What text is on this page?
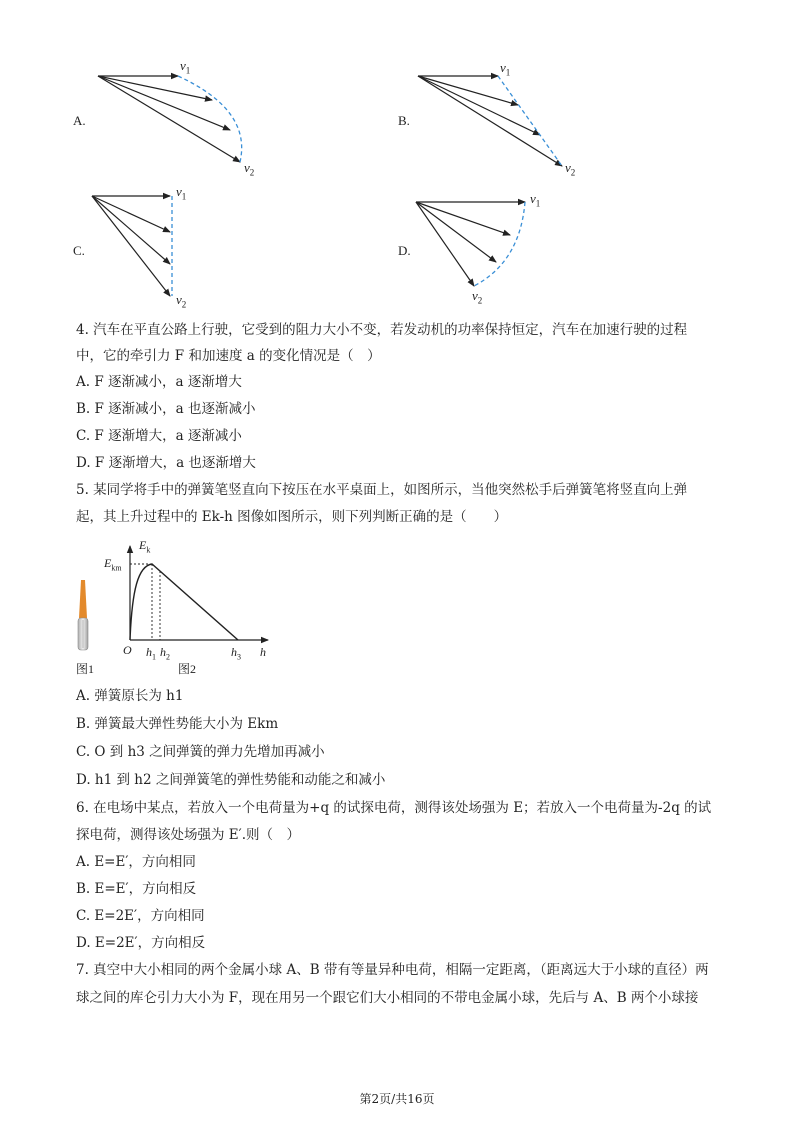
A.	B.
C.	D.
$v_1$
$v_2$
$v_1$
$v_2$
$v_1$
$v_2$
$v_1$
$v_2$
4. 汽车在平直公路上行驶，它受到的阻力大小不变，若发动机的功率保持恒定，汽车在加速行驶的过程
中，它的牵引力 F 和加速度 a 的变化情况是（　）
A. F 逐渐减小，a 逐渐增大
B. F 逐渐减小，a 也逐渐减小
C. F 逐渐增大，a 逐渐减小
D. F 逐渐增大，a 也逐渐增大
5. 某同学将手中的弹簧笔竖直向下按压在水平桌面上，如图所示，当他突然松手后弹簧笔将竖直向上弹
起，其上升过程中的 Ek-h 图像如图所示，则下列判断正确的是（　　）
$E_k$
$E_{km}$
O $h_1$ $h_2$	$h_3$ h
图1	图2
A. 弹簧原长为 h1
B. 弹簧最大弹性势能大小为 Ekm
C. O 到 h3 之间弹簧的弹力先增加再减小
D. h1 到 h2 之间弹簧笔的弹性势能和动能之和减小
6. 在电场中某点，若放入一个电荷量为+q 的试探电荷，测得该处场强为 E；若放入一个电荷量为-2q 的试
探电荷，测得该处场强为 E′.则（　）
A. E=E′，方向相同
B. E=E′，方向相反
C. E=2E′，方向相同
D. E=2E′，方向相反
7. 真空中大小相同的两个金属小球 A、B 带有等量异种电荷，相隔一定距离，（距离远大于小球的直径）两
球之间的库仑引力大小为 F，现在用另一个跟它们大小相同的不带电金属小球，先后与 A、B 两个小球接
第2页/共16页
